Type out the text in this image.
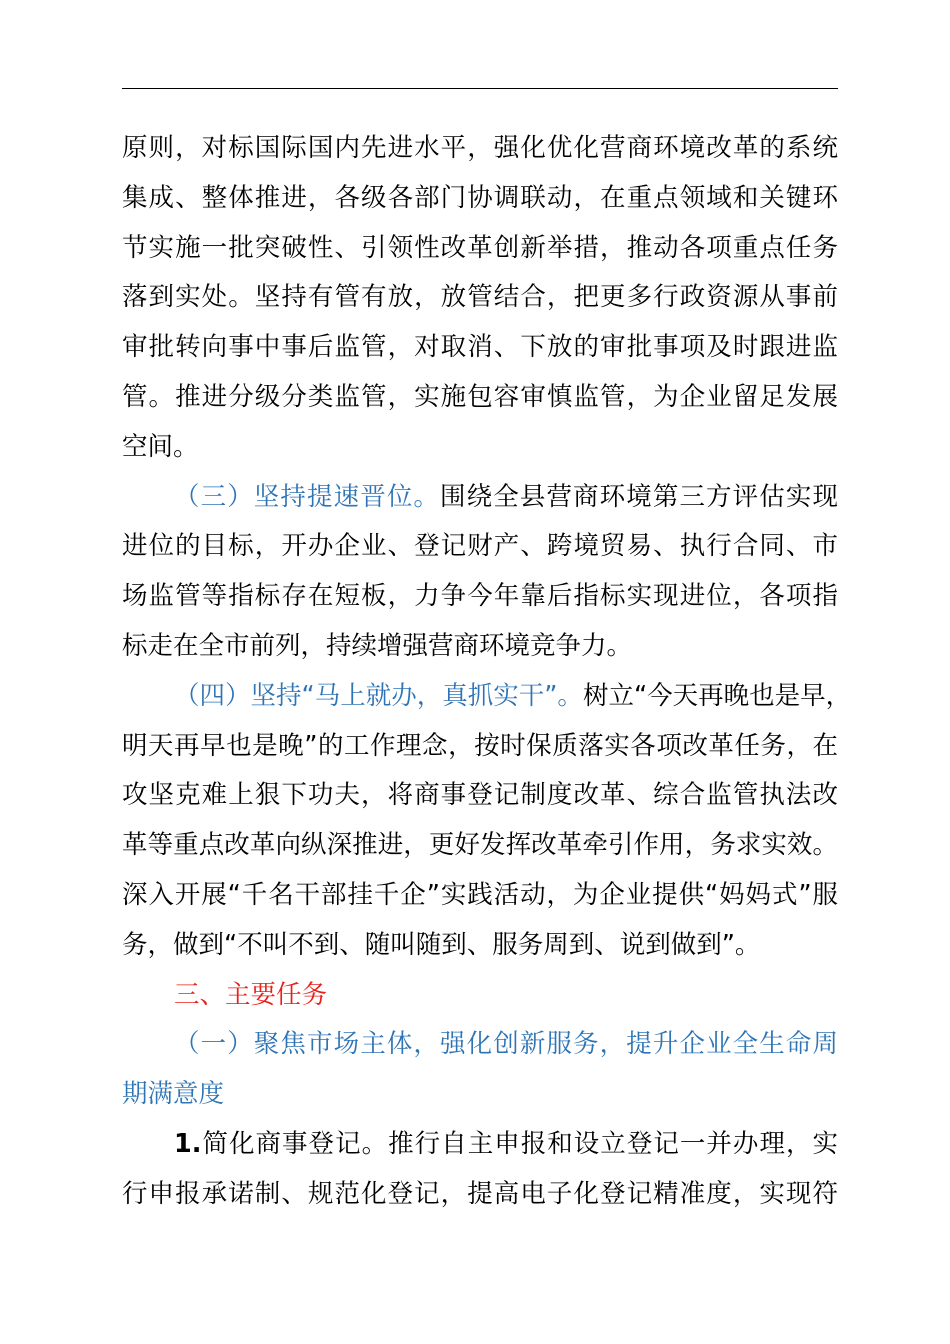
原则，对标国际国内先进水平，强化优化营商环境改革的系统
集成、整体推进，各级各部门协调联动，在重点领域和关键环
节实施一批突破性、引领性改革创新举措，推动各项重点任务
落到实处。坚持有管有放，放管结合，把更多行政资源从事前
审批转向事中事后监管，对取消、下放的审批事项及时跟进监
管。推进分级分类监管，实施包容审慎监管，为企业留足发展
空间。
（三）坚持提速晋位。围绕全县营商环境第三方评估实现
进位的目标，开办企业、登记财产、跨境贸易、执行合同、市
场监管等指标存在短板，力争今年靠后指标实现进位，各项指
标走在全市前列，持续增强营商环境竞争力。
（四）坚持“马上就办，真抓实干”。树立“今天再晚也是早，
明天再早也是晚”的工作理念，按时保质落实各项改革任务，在
攻坚克难上狠下功夫，将商事登记制度改革、综合监管执法改
革等重点改革向纵深推进，更好发挥改革牵引作用，务求实效。
深入开展“千名干部挂千企”实践活动，为企业提供“妈妈式”服
务，做到“不叫不到、随叫随到、服务周到、说到做到”。
三、主要任务
（一）聚焦市场主体，强化创新服务，提升企业全生命周
期满意度
1.简化商事登记。推行自主申报和设立登记一并办理，实
行申报承诺制、规范化登记，提高电子化登记精准度，实现符
